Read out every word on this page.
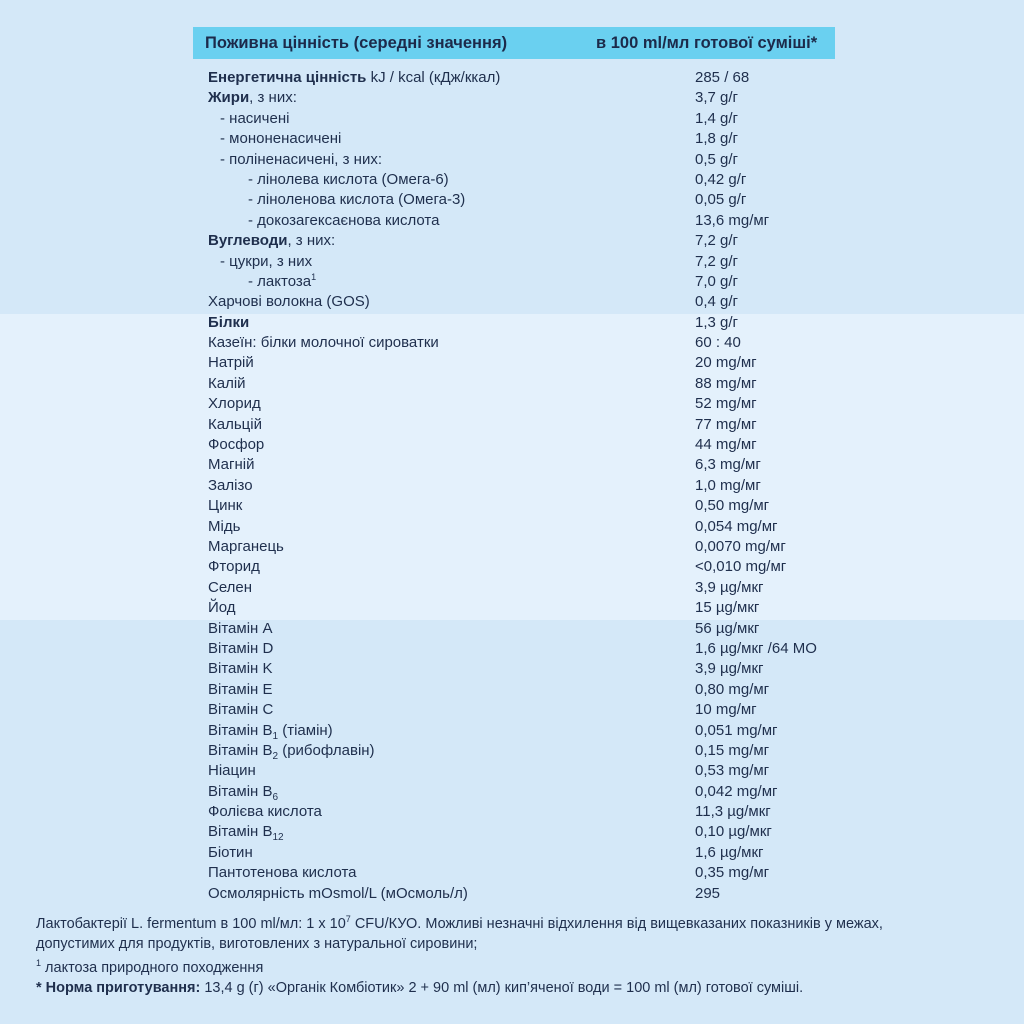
Поживна цінність (середні значення)	в 100 ml/мл готової суміші*
Енергетична цінність kJ / kcal (кДж/ккал)	285 / 68
Жири, з них:	3,7 g/г
- насичені	1,4 g/г
- мононенасичені	1,8 g/г
- поліненасичені, з них:	0,5 g/г
- лінолева кислота (Омега-6)	0,42 g/г
- ліноленова кислота (Омега-3)	0,05 g/г
- докозагексаєнова кислота	13,6 mg/мг
Вуглеводи, з них:	7,2 g/г
- цукри, з них	7,2 g/г
- лактоза$^1$	7,0 g/г
Харчові волокна (GOS)	0,4 g/г
Білки	1,3 g/г
Казеїн: білки молочної сироватки	60 : 40
Натрій	20 mg/мг
Калій	88 mg/мг
Хлорид	52 mg/мг
Кальцій	77 mg/мг
Фосфор	44 mg/мг
Магній	6,3 mg/мг
Залізо	1,0 mg/мг
Цинк	0,50 mg/мг
Мідь	0,054 mg/мг
Марганець	0,0070 mg/мг
Фторид	<0,010 mg/мг
Селен	3,9 µg/мкг
Йод	15 µg/мкг
Вітамін A	56 µg/мкг
Вітамін D	1,6 µg/мкг /64 МО
Вітамін K	3,9 µg/мкг
Вітамін E	0,80 mg/мг
Вітамін C	10 mg/мг
Вітамін $B_1$ (тіамін)	0,051 mg/мг
Вітамін $B_2$ (рибофлавін)	0,15 mg/мг
Ніацин	0,53 mg/мг
Вітамін $B_6$	0,042 mg/мг
Фолієва кислота	11,3 µg/мкг
Вітамін $B_{12}$	0,10 µg/мкг
Біотин	1,6 µg/мкг
Пантотенова кислота	0,35 mg/мг
Осмолярність mOsmol/L (мОсмоль/л)	295
Лактобактерії L. fermentum в 100 ml/мл: 1 x $10^7$ CFU/КУО. Можливі незначні відхилення від вищевказаних показників у межах,
допустимих для продуктів, виготовлених з натуральної сировини;
$^1$ лактоза природного походження
* Норма приготування: 13,4 g (г) «Органік Комбіотик» 2 + 90 ml (мл) кип’яченої води = 100 ml (мл) готової суміші.
